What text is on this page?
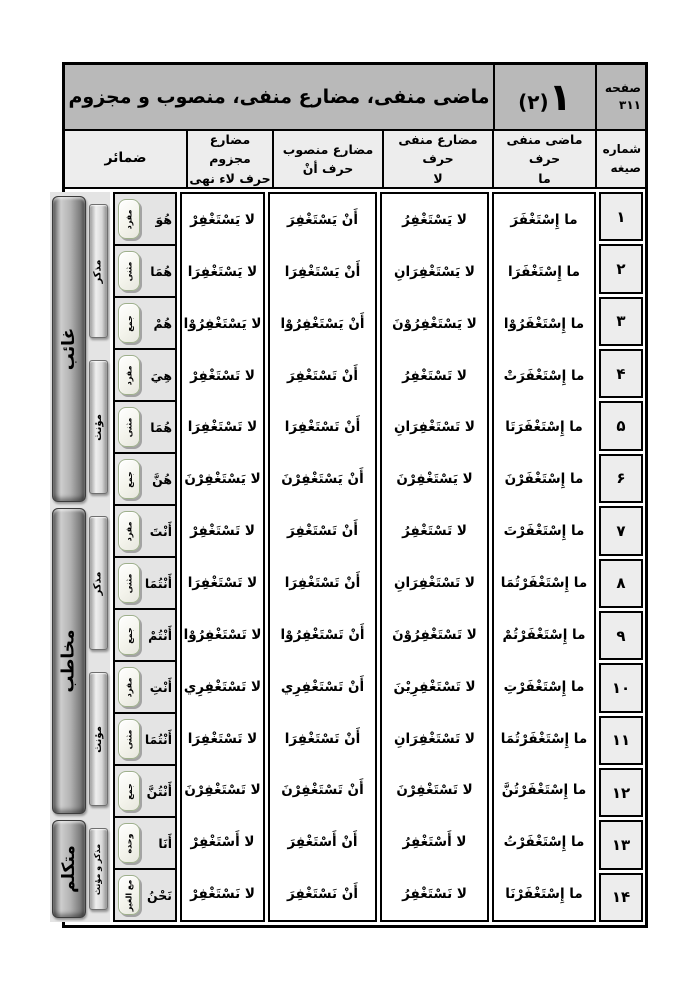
صفحه
۳۱۱
۱
(۲)
ماضی منفی، مضارع منفی، منصوب و مجزوم
شماره
صیغه
ماضی منفی حرف
ما
مضارع منفی حرف
لا
مضارع منصوب
حرف أنْ
مضارع مجزوم
حرف لاء نهی
ضمائر
۱
۲
۳
۴
۵
۶
۷
۸
۹
۱۰
۱۱
۱۲
۱۳
۱۴
ما إِسْتَغْفَرَ
ما إِسْتَغْفَرَا
ما إِسْتَغْفَرُوْا
ما إِسْتَغْفَرَتْ
ما إِسْتَغْفَرَتَا
ما إِسْتَغْفَرْنَ
ما إِسْتَغْفَرْتَ
ما إِسْتَغْفَرْتُمَا
ما إِسْتَغْفَرْتُمْ
ما إِسْتَغْفَرْتِ
ما إِسْتَغْفَرْتُمَا
ما إِسْتَغْفَرْتُنَّ
ما إِسْتَغْفَرْتُ
ما إِسْتَغْفَرْنَا
لا يَسْتَغْفِرُ
لا يَسْتَغْفِرَانِ
لا يَسْتَغْفِرُوْنَ
لا تَسْتَغْفِرُ
لا تَسْتَغْفِرَانِ
لا يَسْتَغْفِرْنَ
لا تَسْتَغْفِرُ
لا تَسْتَغْفِرَانِ
لا تَسْتَغْفِرُوْنَ
لا تَسْتَغْفِرِيْنَ
لا تَسْتَغْفِرَانِ
لا تَسْتَغْفِرْنَ
لا أَسْتَغْفِرُ
لا نَسْتَغْفِرُ
أَنْ يَسْتَغْفِرَ
أَنْ يَسْتَغْفِرَا
أَنْ يَسْتَغْفِرُوْا
أَنْ تَسْتَغْفِرَ
أَنْ تَسْتَغْفِرَا
أَنْ يَسْتَغْفِرْنَ
أَنْ تَسْتَغْفِرَ
أَنْ تَسْتَغْفِرَا
أَنْ تَسْتَغْفِرُوْا
أَنْ تَسْتَغْفِرِي
أَنْ تَسْتَغْفِرَا
أَنْ تَسْتَغْفِرْنَ
أَنْ أَسْتَغْفِرَ
أَنْ نَسْتَغْفِرَ
لا يَسْتَغْفِرْ
لا يَسْتَغْفِرَا
لا يَسْتَغْفِرُوْا
لا تَسْتَغْفِرْ
لا تَسْتَغْفِرَا
لا يَسْتَغْفِرْنَ
لا تَسْتَغْفِرْ
لا تَسْتَغْفِرَا
لا تَسْتَغْفِرُوْا
لا تَسْتَغْفِرِي
لا تَسْتَغْفِرَا
لا تَسْتَغْفِرْنَ
لا أَسْتَغْفِرْ
لا نَسْتَغْفِرْ
هُوَ
مفرد
هُمَا
مثنی
هُمْ
جمع
هِيَ
مفرد
هُمَا
مثنی
هُنَّ
جمع
أَنْتَ
مفرد
أَنْتُمَا
مثنی
أَنْتُمْ
جمع
أَنْتِ
مفرد
أَنْتُمَا
مثنی
أَنْتُنَّ
جمع
أَنَا
وحده
نَحْنُ
مع الغیر
غائب
مذکر
مؤنث
مخاطب
مذکر
مؤنث
متکلم مذکر و مؤنث
